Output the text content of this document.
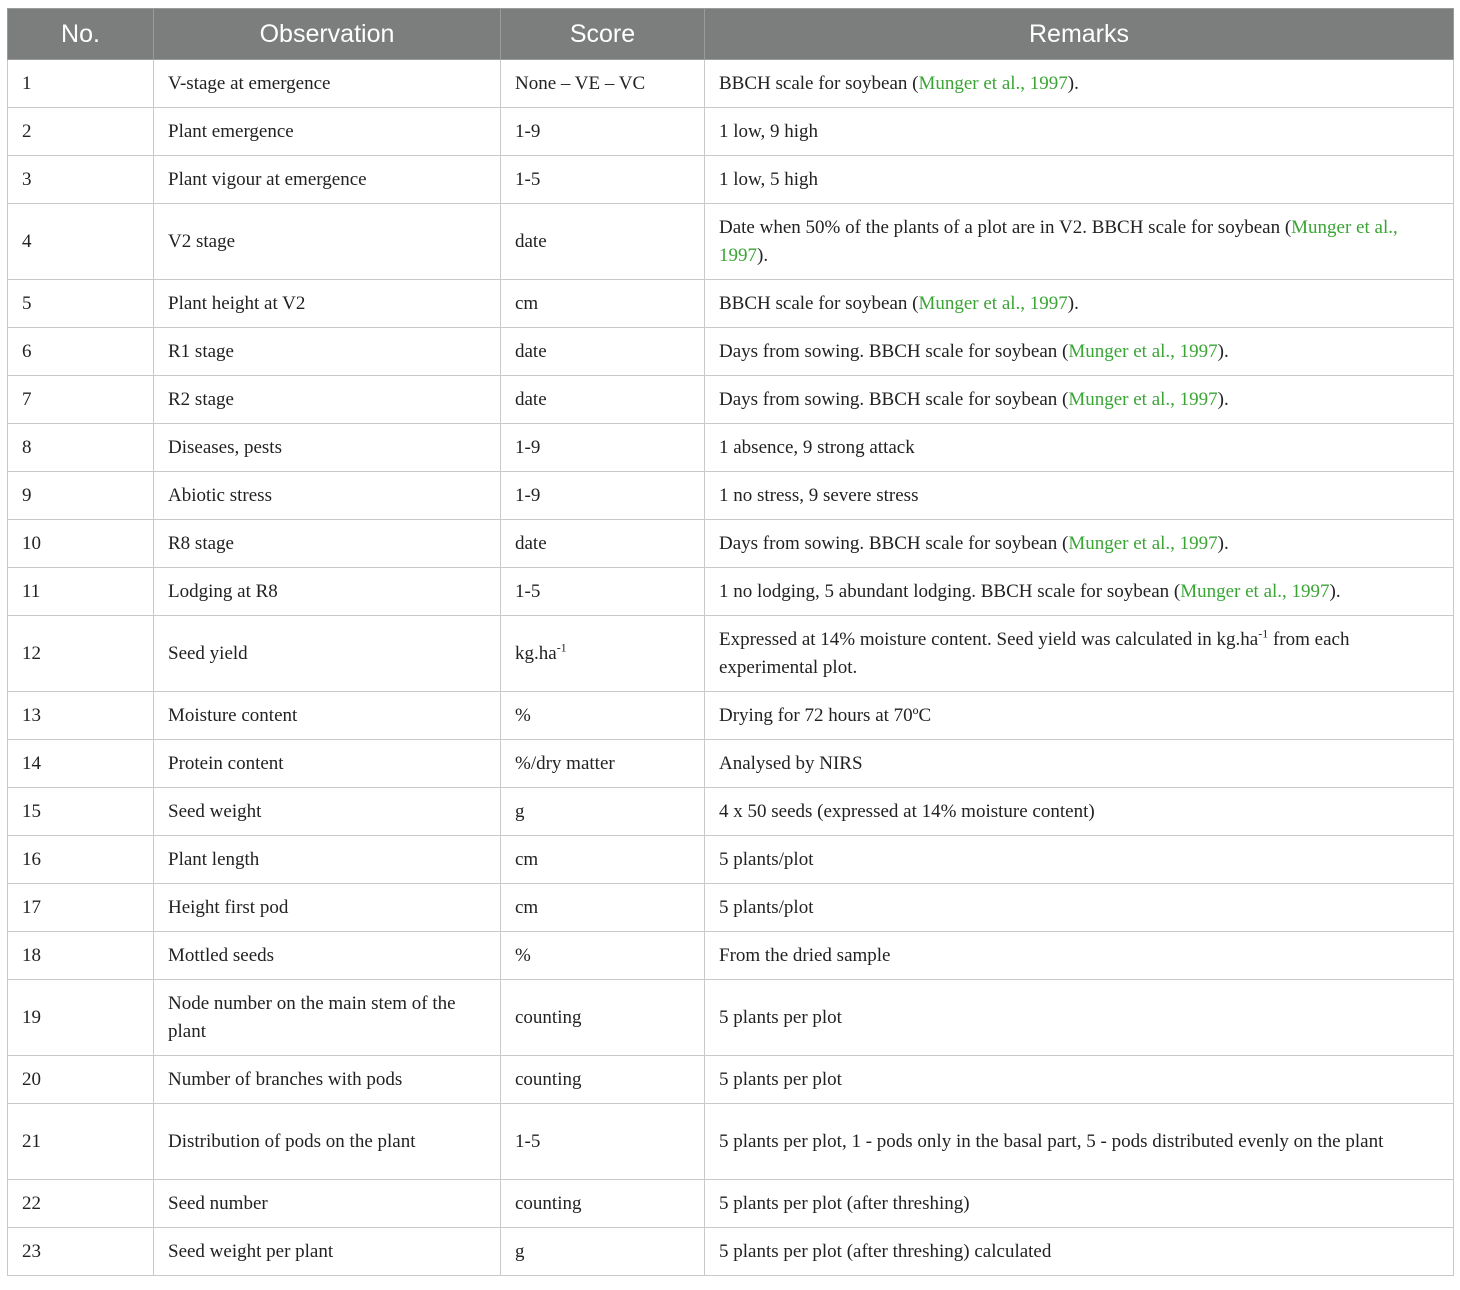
No.	Observation	Score	Remarks
1	V-stage at emergence	None – VE – VC	BBCH scale for soybean (Munger et al., 1997).
2	Plant emergence	1-9	1 low, 9 high
3	Plant vigour at emergence	1-5	1 low, 5 high
4	V2 stage	date	Date when 50% of the plants of a plot are in V2. BBCH scale for soybean (Munger et al., 1997).
5	Plant height at V2	cm	BBCH scale for soybean (Munger et al., 1997).
6	R1 stage	date	Days from sowing. BBCH scale for soybean (Munger et al., 1997).
7	R2 stage	date	Days from sowing. BBCH scale for soybean (Munger et al., 1997).
8	Diseases, pests	1-9	1 absence, 9 strong attack
9	Abiotic stress	1-9	1 no stress, 9 severe stress
10	R8 stage	date	Days from sowing. BBCH scale for soybean (Munger et al., 1997).
11	Lodging at R8	1-5	1 no lodging, 5 abundant lodging. BBCH scale for soybean (Munger et al., 1997).
12	Seed yield	$kg.ha^{-1}$	Expressed at 14% moisture content. Seed yield was calculated in $kg.ha^{-1}$ from each experimental plot.
13	Moisture content	%	Drying for 72 hours at 70ºC
14	Protein content	%/dry matter	Analysed by NIRS
15	Seed weight	g	4 x 50 seeds (expressed at 14% moisture content)
16	Plant length	cm	5 plants/plot
17	Height first pod	cm	5 plants/plot
18	Mottled seeds	%	From the dried sample
19	Node number on the main stem of the plant	counting	5 plants per plot
20	Number of branches with pods	counting	5 plants per plot
21	Distribution of pods on the plant	1-5	5 plants per plot, 1 - pods only in the basal part, 5 - pods distributed evenly on the plant
22	Seed number	counting	5 plants per plot (after threshing)
23	Seed weight per plant	g	5 plants per plot (after threshing) calculated
